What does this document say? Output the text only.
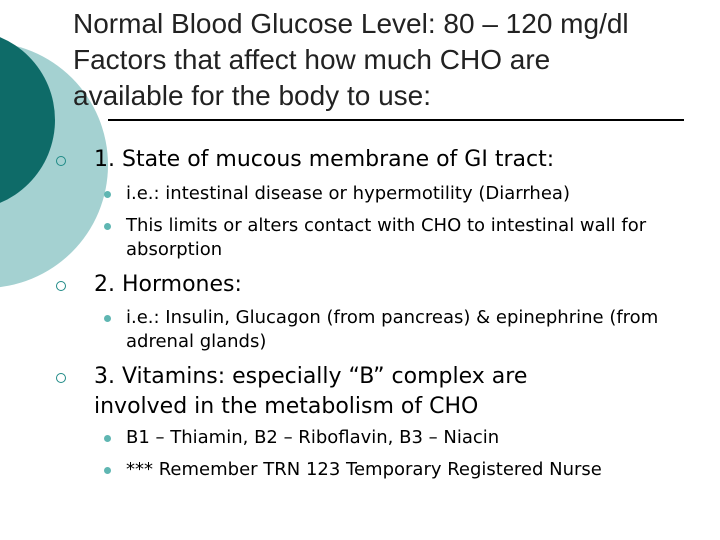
Normal Blood Glucose Level: 80 – 120 mg/dl
Factors that affect how much CHO are
available for the body to use:
1. State of mucous membrane of GI tract:
i.e.: intestinal disease or hypermotility (Diarrhea)
This limits or alters contact with CHO to intestinal wall for absorption
2. Hormones:
i.e.: Insulin, Glucagon (from pancreas) & epinephrine (from adrenal glands)
3. Vitamins: especially “B” complex are involved in the metabolism of CHO
B1 – Thiamin, B2 – Riboflavin, B3 – Niacin
*** Remember TRN 123 Temporary Registered Nurse
